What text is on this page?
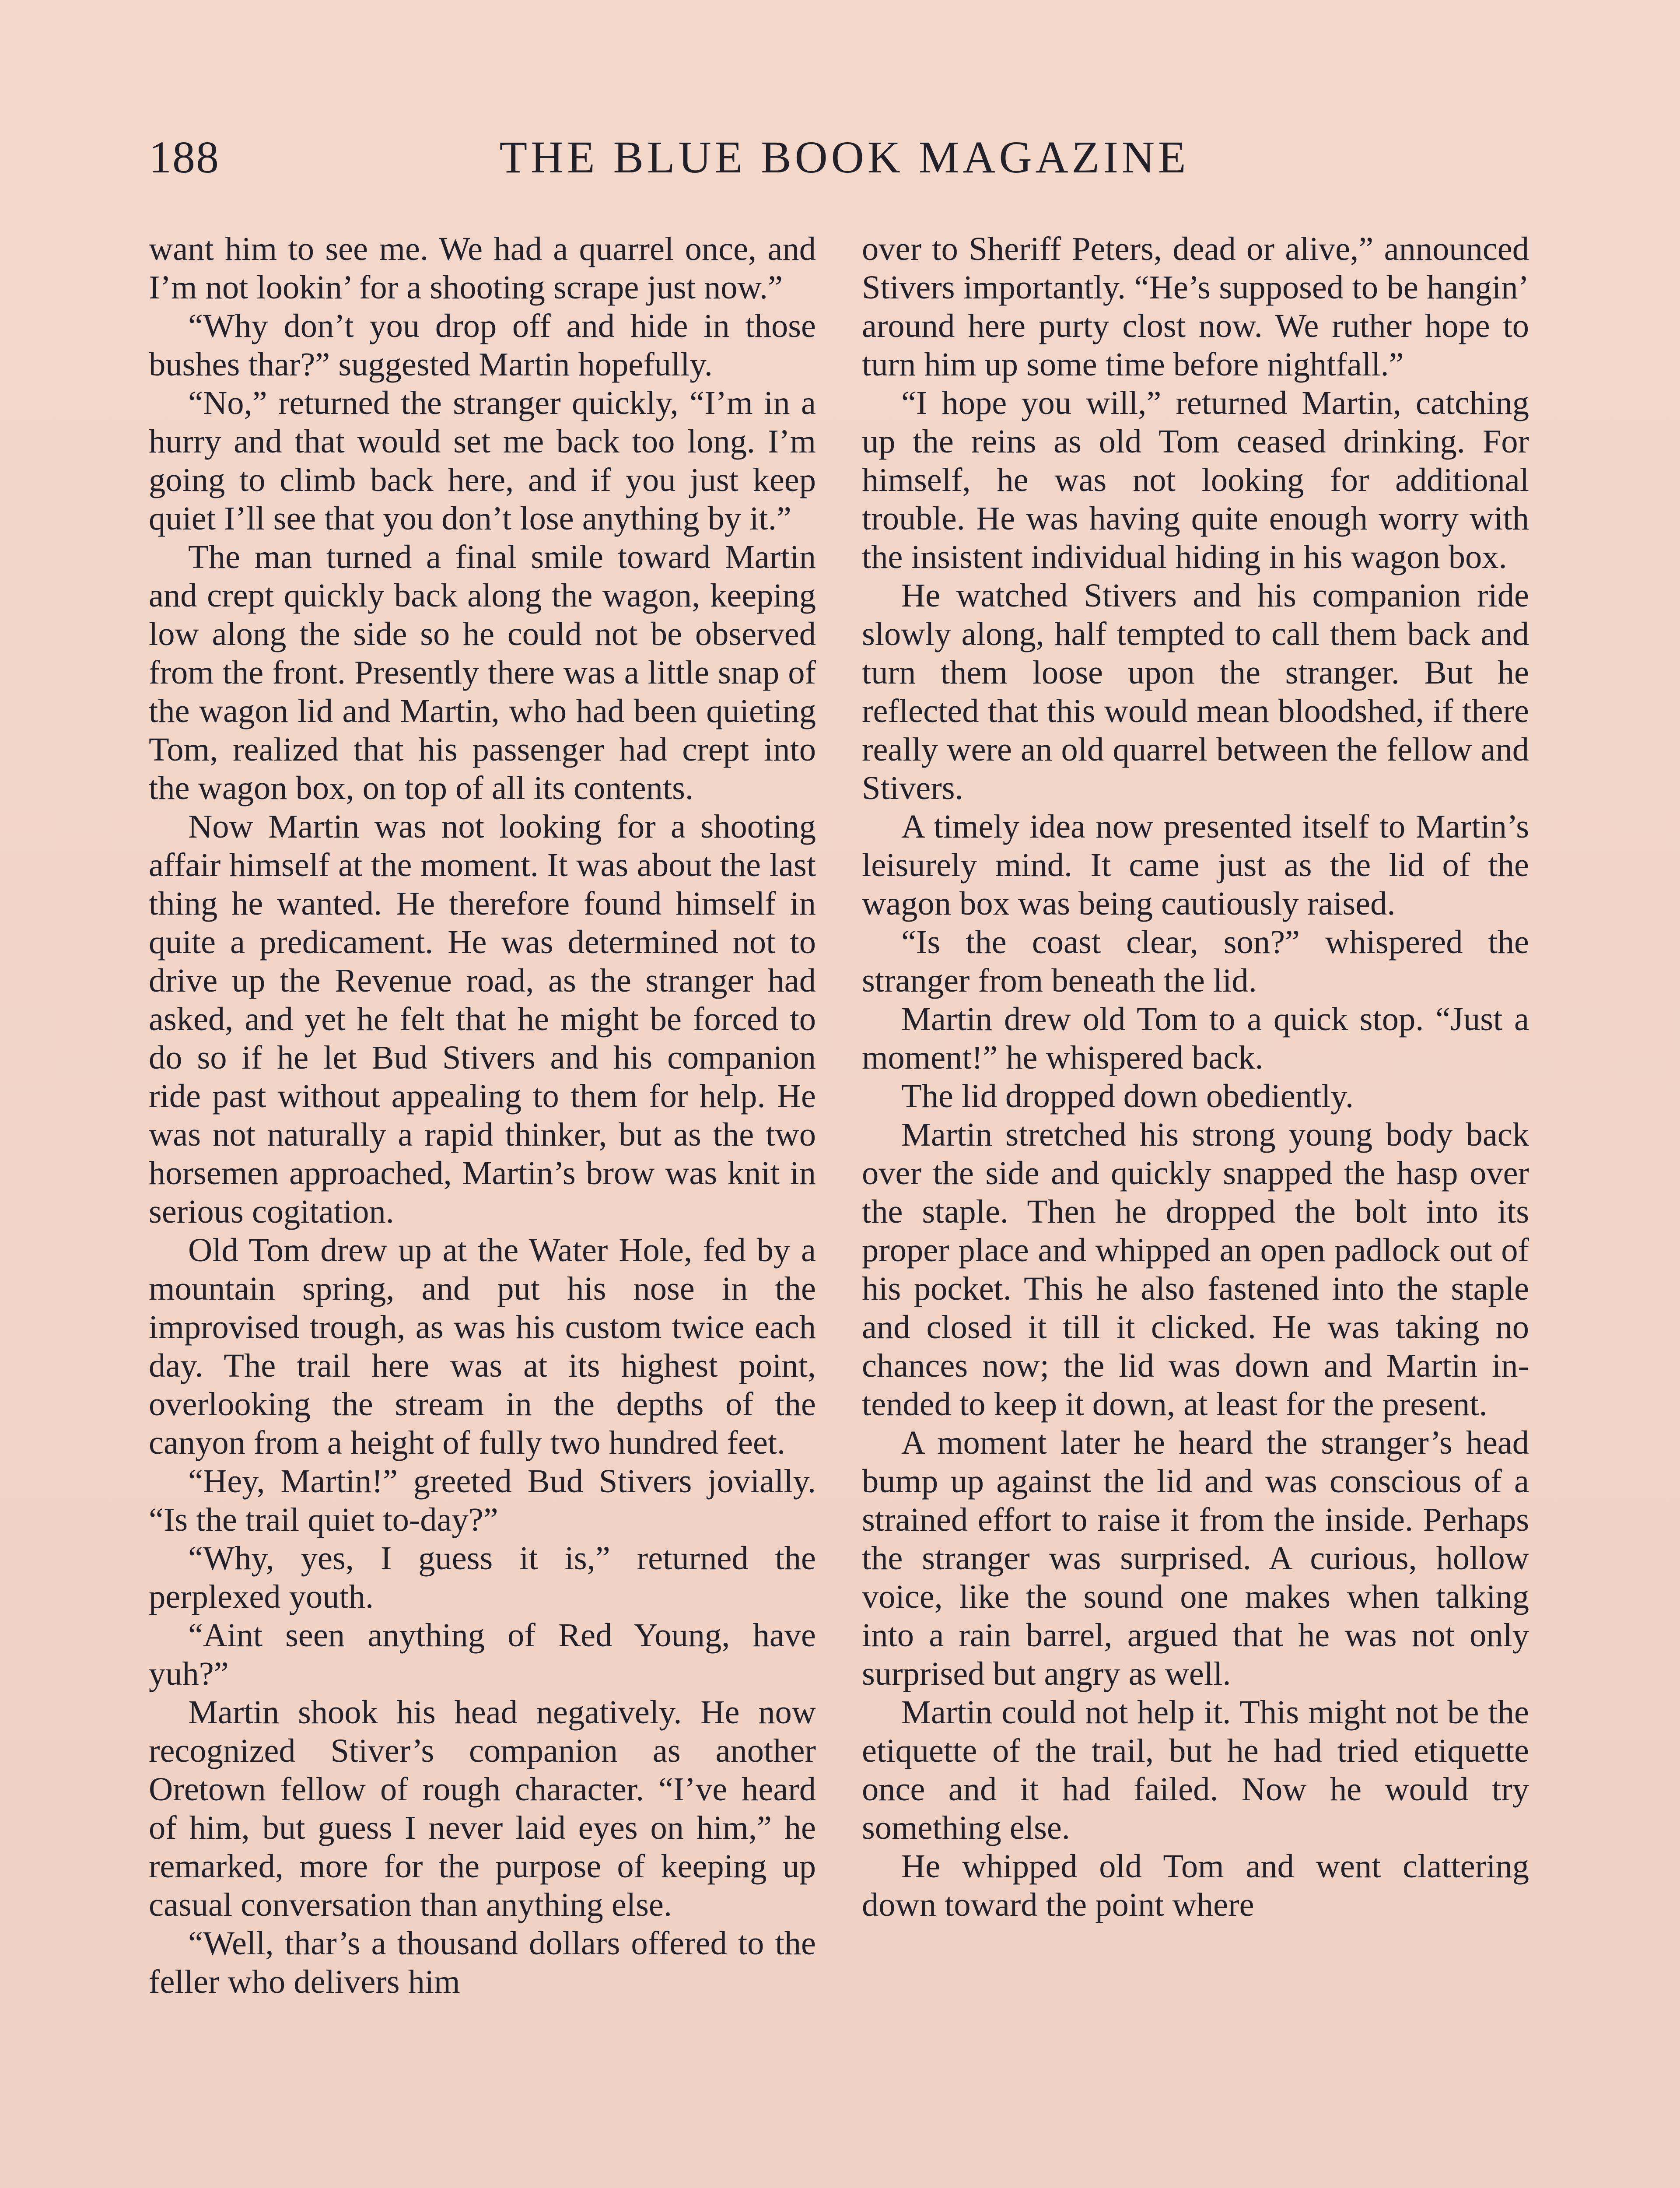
188	THE BLUE BOOK MAGAZINE

want him to see me. We had a quarrel once, and I’m not lookin’ for a shooting scrape just now.”

“Why don’t you drop off and hide in those bushes thar?” suggested Martin hopefully.

“No,” returned the stranger quickly, “I’m in a hurry and that would set me back too long. I’m going to climb back here, and if you just keep quiet I’ll see that you don’t lose anything by it.”

The man turned a final smile toward Martin and crept quickly back along the wagon, keeping low along the side so he could not be observed from the front. Presently there was a little snap of the wagon lid and Martin, who had been quieting Tom, realized that his passenger had crept into the wagon box, on top of all its contents.

Now Martin was not looking for a shooting affair himself at the moment. It was about the last thing he wanted. He therefore found himself in quite a predicament. He was determined not to drive up the Revenue road, as the stranger had asked, and yet he felt that he might be forced to do so if he let Bud Stivers and his companion ride past without appealing to them for help. He was not naturally a rapid thinker, but as the two horsemen approached, Martin’s brow was knit in serious cogitation.

Old Tom drew up at the Water Hole, fed by a mountain spring, and put his nose in the improvised trough, as was his custom twice each day. The trail here was at its highest point, overlooking the stream in the depths of the canyon from a height of fully two hundred feet.

“Hey, Martin!” greeted Bud Stivers jovially. “Is the trail quiet to-day?”

“Why, yes, I guess it is,” returned the perplexed youth.

“Aint seen anything of Red Young, have yuh?”

Martin shook his head negatively. He now recognized Stiver’s companion as another Oretown fellow of rough character. “I’ve heard of him, but guess I never laid eyes on him,” he remarked, more for the purpose of keeping up casual conversation than anything else.

“Well, thar’s a thousand dollars offered to the feller who delivers him

over to Sheriff Peters, dead or alive,” announced Stivers importantly. “He’s supposed to be hangin’ around here purty clost now. We ruther hope to turn him up some time before nightfall.”

“I hope you will,” returned Martin, catching up the reins as old Tom ceased drinking. For himself, he was not looking for additional trouble. He was having quite enough worry with the insistent individual hiding in his wagon box.

He watched Stivers and his companion ride slowly along, half tempted to call them back and turn them loose upon the stranger. But he reflected that this would mean bloodshed, if there really were an old quarrel between the fellow and Stivers.

A timely idea now presented itself to Martin’s leisurely mind. It came just as the lid of the wagon box was being cautiously raised.

“Is the coast clear, son?” whispered the stranger from beneath the lid.

Martin drew old Tom to a quick stop. “Just a moment!” he whispered back.

The lid dropped down obediently.

Martin stretched his strong young body back over the side and quickly snapped the hasp over the staple. Then he dropped the bolt into its proper place and whipped an open padlock out of his pocket. This he also fastened into the staple and closed it till it clicked. He was taking no chances now; the lid was down and Martin intended to keep it down, at least for the present.

A moment later he heard the stranger’s head bump up against the lid and was conscious of a strained effort to raise it from the inside. Perhaps the stranger was surprised. A curious, hollow voice, like the sound one makes when talking into a rain barrel, argued that he was not only surprised but angry as well.

Martin could not help it. This might not be the etiquette of the trail, but he had tried etiquette once and it had failed. Now he would try something else.

He whipped old Tom and went clattering down toward the point where
